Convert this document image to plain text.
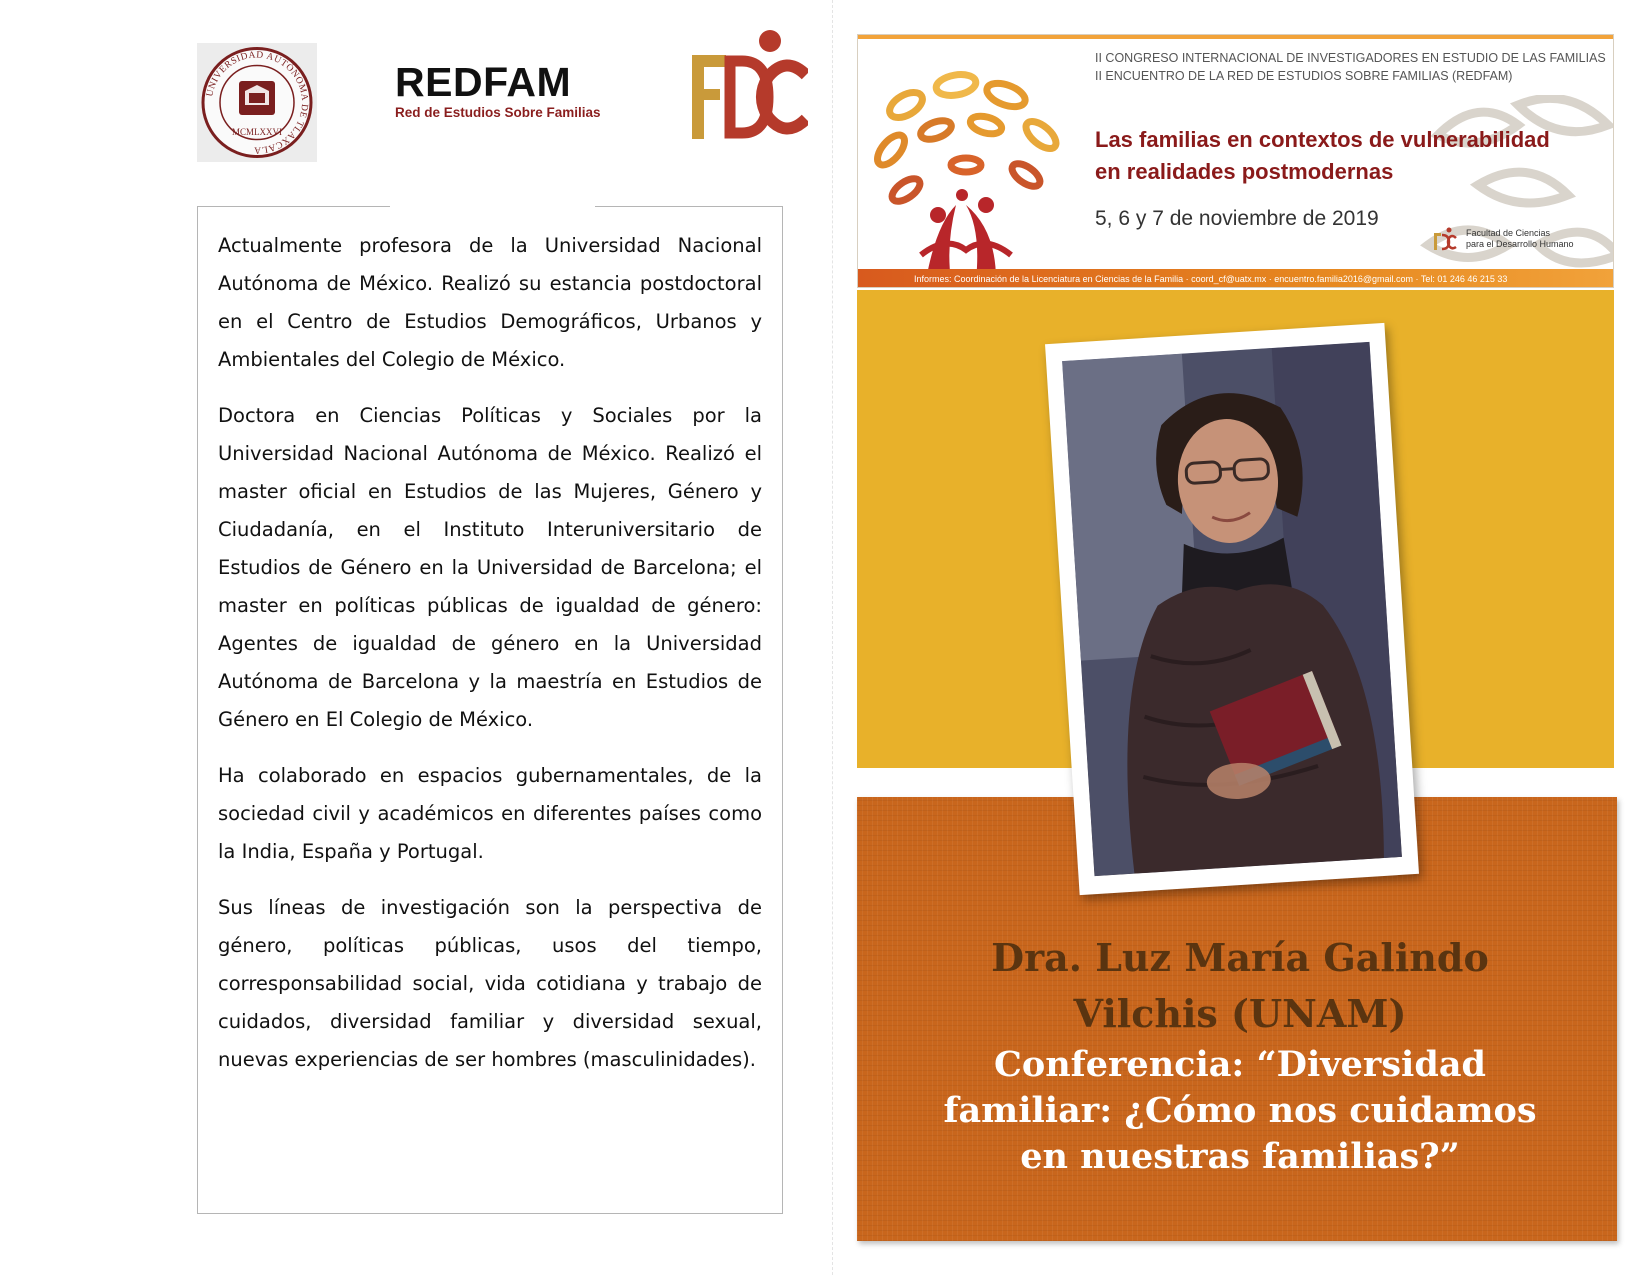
UNIVERSIDAD AUTÓNOMA DE TLAXCALA
MCMLXXVI
REDFAM
Red de Estudios Sobre Familias

Actualmente profesora de la Universidad Nacional Autónoma de México. Realizó su estancia postdoctoral en el Centro de Estudios Demográficos, Urbanos y Ambientales del Colegio de México.

Doctora en Ciencias Políticas y Sociales por la Universidad Nacional Autónoma de México. Realizó el master oficial en Estudios de las Mujeres, Género y Ciudadanía, en el Instituto Interuniversitario de Estudios de Género en la Universidad de Barcelona; el master en políticas públicas de igualdad de género: Agentes de igualdad de género en la Universidad Autónoma de Barcelona y la maestría en Estudios de Género en El Colegio de México.

Ha colaborado en espacios gubernamentales, de la sociedad civil y académicos en diferentes países como la India, España y Portugal.

Sus líneas de investigación son la perspectiva de género, políticas públicas, usos del tiempo, corresponsabilidad social, vida cotidiana y trabajo de cuidados, diversidad familiar y diversidad sexual, nuevas experiencias de ser hombres (masculinidades).

II CONGRESO INTERNACIONAL DE INVESTIGADORES EN ESTUDIO DE LAS FAMILIAS
II ENCUENTRO DE LA RED DE ESTUDIOS SOBRE FAMILIAS (REDFAM)
Las familias en contextos de vulnerabilidad
en realidades postmodernas
5, 6 y 7 de noviembre de 2019
Facultad de Ciencias
para el Desarrollo Humano
Informes: Coordinación de la Licenciatura en Ciencias de la Familia · coord_cf@uatx.mx · encuentro.familia2016@gmail.com · Tel: 01 246 46 215 33
Dra. Luz María Galindo
Vilchis (UNAM)
Conferencia: “Diversidad
familiar: ¿Cómo nos cuidamos
en nuestras familias?”
